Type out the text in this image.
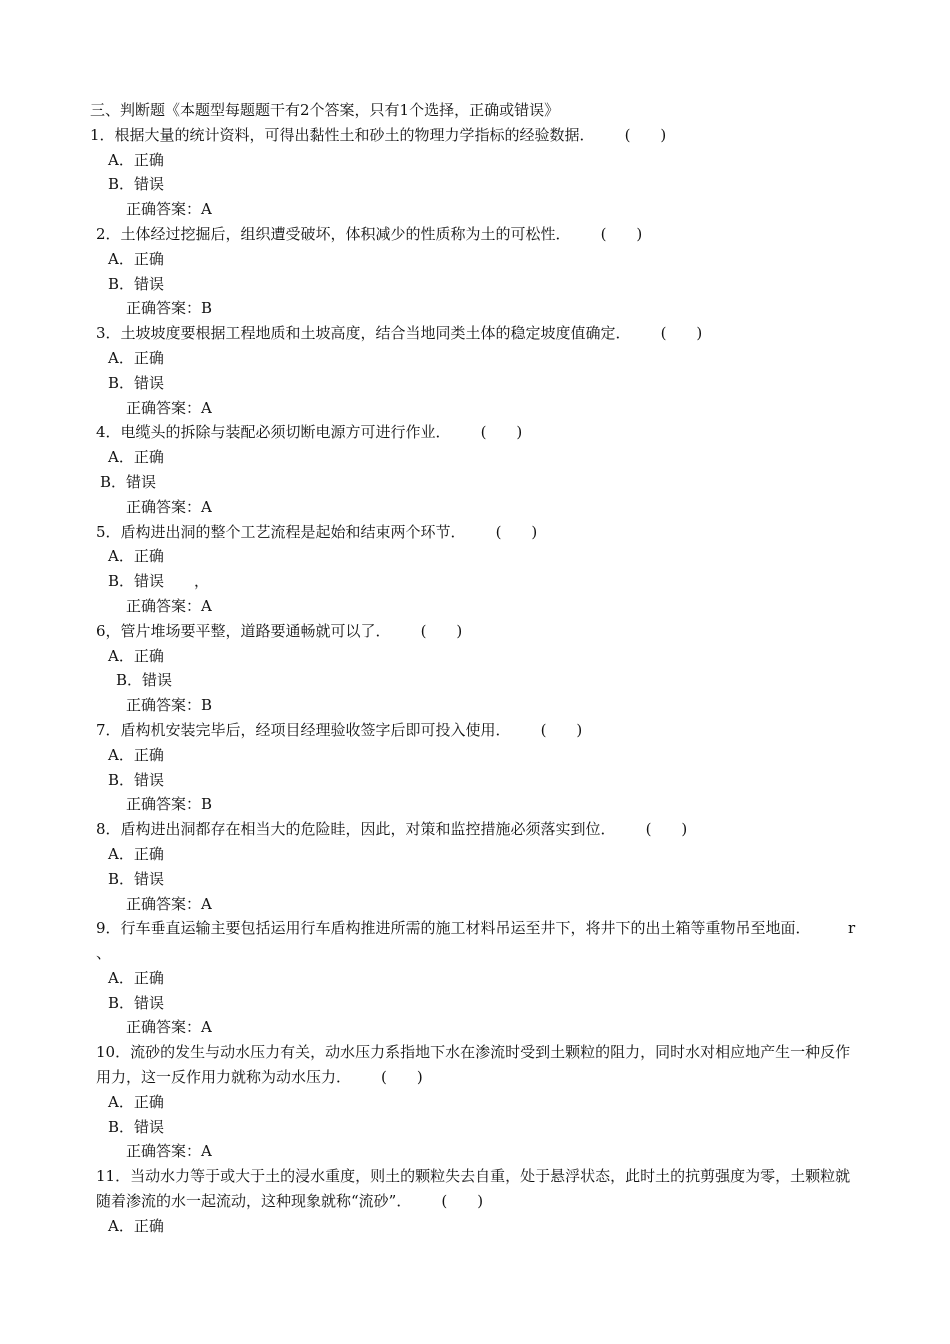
三、判断题《本题型每题题干有2个答案，只有1个选择，正确或错误》

1．根据大量的统计资料，可得出黏性土和砂土的物理力学指标的经验数据． (　　)

A．正确

B．错误

正确答案：A

2．土体经过挖掘后，组织遭受破坏，体积减少的性质称为土的可松性． (　　)

A．正确

B．错误

正确答案：B

3．土坡坡度要根据工程地质和土坡高度，结合当地同类土体的稳定坡度值确定． (　　)

A．正确

B．错误

正确答案：A

4．电缆头的拆除与装配必须切断电源方可进行作业． (　　)

A．正确

B．错误

正确答案：A

5．盾构进出洞的整个工艺流程是起始和结束两个环节． (　　)

A．正确

B．错误　　，

正确答案：A

6，管片堆场要平整，道路要通畅就可以了． (　　)

A．正确

B．错误

正确答案：B

7．盾构机安装完毕后，经项目经理验收签字后即可投入使用． (　　)

A．正确

B．错误

正确答案：B

8．盾构进出洞都存在相当大的危险眭，因此，对策和监控措施必须落实到位． (　　)

A．正确

B．错误

正确答案：A

9．行车垂直运输主要包括运用行车盾构推进所需的施工材料吊运至井下，将井下的出土箱等重物吊至地面．　　　r　　、

A．正确

B．错误

正确答案：A

10．流砂的发生与动水压力有关，动水压力系指地下水在渗流时受到土颗粒的阻力，同时水对相应地产生一种反作用力，这一反作用力就称为动水压力． (　　)

A．正确

B．错误

正确答案：A

11．当动水力等于或大于土的浸水重度，则土的颗粒失去自重，处于悬浮状态，此时土的抗剪强度为零，土颗粒就随着渗流的水一起流动，这种现象就称“流砂”． (　　)

A．正确
